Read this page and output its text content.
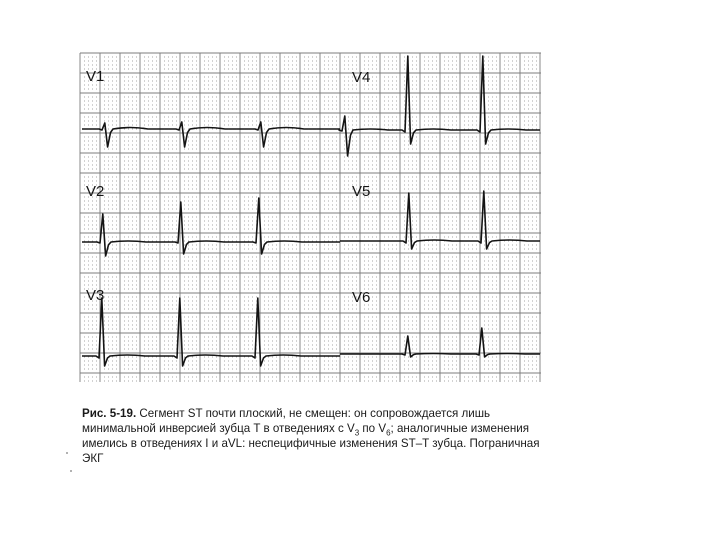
V1
V2
V3
V4
V5
V6
Рис. 5-19. Сегмент ST почти плоский, не смещен: он сопровождается лишь минимальной инверсией зубца T в отведениях с $V_3$ по $V_6$; аналогичные изменения имелись в отведениях I и aVL: неспецифичные изменения ST–T зубца. Пограничная ЭКГ
